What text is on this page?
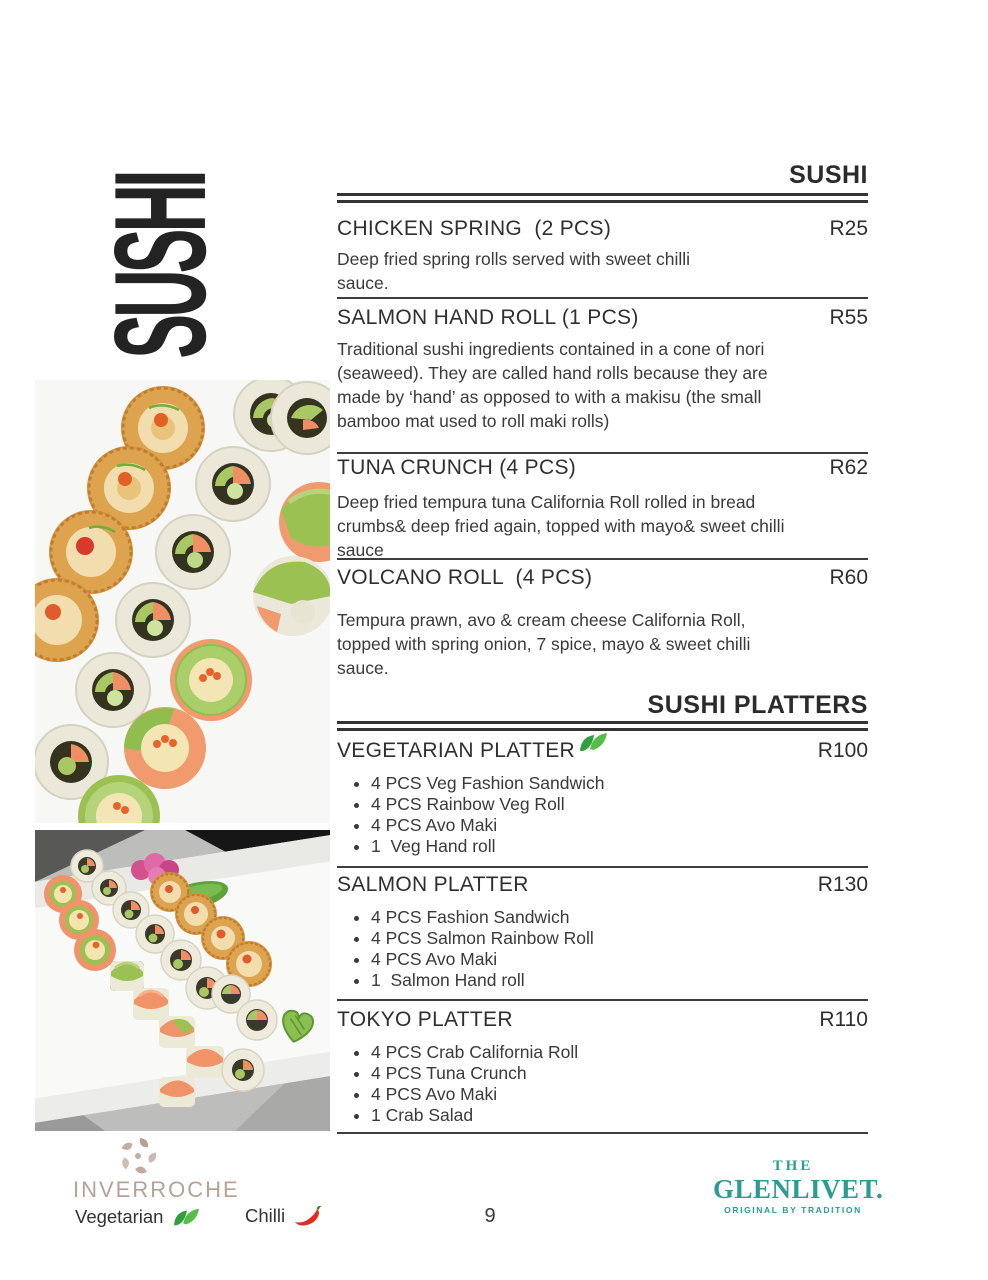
SUSHI	SUSHI
CHICKEN SPRING  (2 PCS)	R25
Deep fried spring rolls served with sweet chilli sauce.
SALMON HAND ROLL (1 PCS)	R55
Traditional sushi ingredients contained in a cone of nori (seaweed). They are called hand rolls because they are made by ‘hand’ as opposed to with a makisu (the small bamboo mat used to roll maki rolls)
TUNA CRUNCH (4 PCS)	R62
Deep fried tempura tuna California Roll rolled in bread crumbs& deep fried again, topped with mayo& sweet chilli sauce
VOLCANO ROLL  (4 PCS)	R60
Tempura prawn, avo & cream cheese California Roll, topped with spring onion, 7 spice, mayo & sweet chilli sauce.
SUSHI PLATTERS
VEGETARIAN PLATTER	R100
• 4 PCS Veg Fashion Sandwich
• 4 PCS Rainbow Veg Roll
• 4 PCS Avo Maki
• 1  Veg Hand roll
SALMON PLATTER	R130
• 4 PCS Fashion Sandwich
• 4 PCS Salmon Rainbow Roll
• 4 PCS Avo Maki
• 1  Salmon Hand roll
TOKYO PLATTER	R110
• 4 PCS Crab California Roll
• 4 PCS Tuna Crunch
• 4 PCS Avo Maki
• 1 Crab Salad
INVERROCHE
Vegetarian	Chilli	9
THE
GLENLIVET.
ORIGINAL BY TRADITION
